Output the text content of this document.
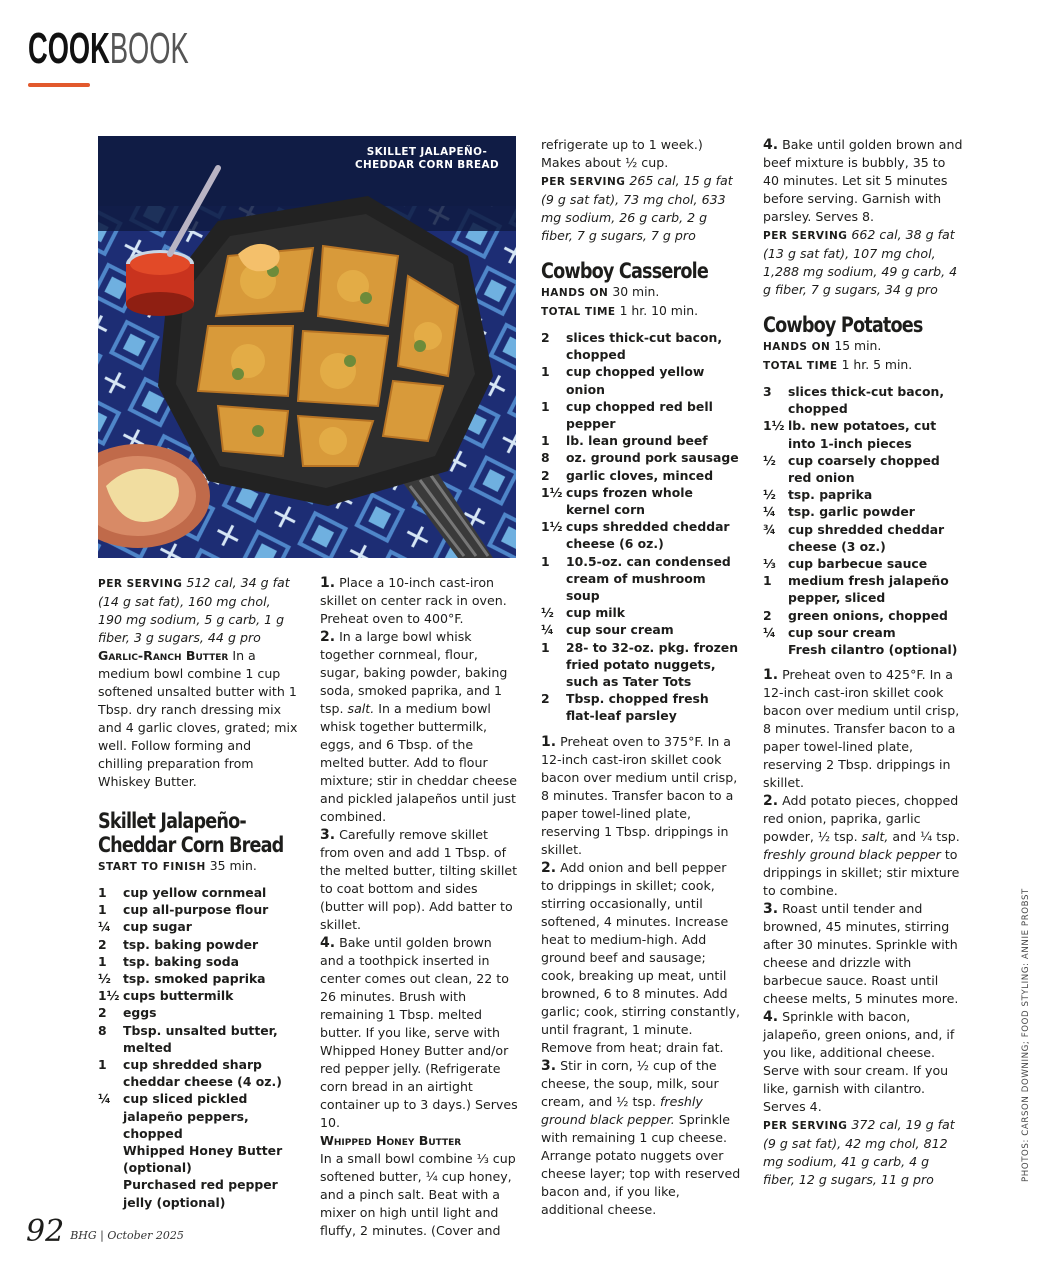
COOKBOOK
SKILLET JALAPEÑO-CHEDDAR CORN BREAD

PER SERVING 512 cal, 34 g fat (14 g sat fat), 160 mg chol, 190 mg sodium, 5 g carb, 1 g fiber, 3 g sugars, 44 g pro

Garlic-Ranch Butter In a medium bowl combine 1 cup softened unsalted butter with 1 Tbsp. dry ranch dressing mix and 4 garlic cloves, grated; mix well. Follow forming and chilling preparation from Whiskey Butter.

Skillet Jalapeño-
Cheddar Corn Bread

START TO FINISH 35 min.

1	cup yellow cornmeal
1	cup all-purpose flour
¼ cup sugar
2	tsp. baking powder
1	tsp. baking soda
½ tsp. smoked paprika
1½ cups buttermilk
2	eggs
8	Tbsp. unsalted butter, melted
1	cup shredded sharp cheddar cheese (4 oz.)
¼ cup sliced pickled jalapeño peppers, chopped
Whipped Honey Butter (optional)
Purchased red pepper jelly (optional)

1. Place a 10-inch cast-iron skillet on center rack in oven. Preheat oven to 400°F.

2. In a large bowl whisk together cornmeal, flour, sugar, baking powder, baking soda, smoked paprika, and 1 tsp. salt. In a medium bowl whisk together buttermilk, eggs, and 6 Tbsp. of the melted butter. Add to flour mixture; stir in cheddar cheese and pickled jalapeños until just combined.

3. Carefully remove skillet from oven and add 1 Tbsp. of the melted butter, tilting skillet to coat bottom and sides (butter will pop). Add batter to skillet.

4. Bake until golden brown and a toothpick inserted in center comes out clean, 22 to 26 minutes. Brush with remaining 1 Tbsp. melted butter. If you like, serve with Whipped Honey Butter and/or red pepper jelly. (Refrigerate corn bread in an airtight container up to 3 days.) Serves 10.

Whipped Honey Butter

In a small bowl combine ⅓ cup softened butter, ¼ cup honey, and a pinch salt. Beat with a mixer on high until light and fluffy, 2 minutes. (Cover and

refrigerate up to 1 week.) Makes about ½ cup.

PER SERVING 265 cal, 15 g fat (9 g sat fat), 73 mg chol, 633 mg sodium, 26 g carb, 2 g fiber, 7 g sugars, 7 g pro

Cowboy Casserole

HANDS ON 30 min.

TOTAL TIME 1 hr. 10 min.

2	slices thick-cut bacon, chopped
1	cup chopped yellow onion
1	cup chopped red bell pepper
1	lb. lean ground beef
8	oz. ground pork sausage
2	garlic cloves, minced
1½ cups frozen whole kernel corn
1½ cups shredded cheddar cheese (6 oz.)
1	10.5-oz. can condensed cream of mushroom soup
½ cup milk
¼ cup sour cream
1	28- to 32-oz. pkg. frozen fried potato nuggets, such as Tater Tots
2	Tbsp. chopped fresh flat-leaf parsley

1. Preheat oven to 375°F. In a 12-inch cast-iron skillet cook bacon over medium until crisp, 8 minutes. Transfer bacon to a paper towel-lined plate, reserving 1 Tbsp. drippings in skillet.

2. Add onion and bell pepper to drippings in skillet; cook, stirring occasionally, until softened, 4 minutes. Increase heat to medium-high. Add ground beef and sausage; cook, breaking up meat, until browned, 6 to 8 minutes. Add garlic; cook, stirring constantly, until fragrant, 1 minute. Remove from heat; drain fat.

3. Stir in corn, ½ cup of the cheese, the soup, milk, sour cream, and ½ tsp. freshly ground black pepper. Sprinkle with remaining 1 cup cheese. Arrange potato nuggets over cheese layer; top with reserved bacon and, if you like, additional cheese.

4. Bake until golden brown and beef mixture is bubbly, 35 to 40 minutes. Let sit 5 minutes before serving. Garnish with parsley. Serves 8.

PER SERVING 662 cal, 38 g fat (13 g sat fat), 107 mg chol, 1,288 mg sodium, 49 g carb, 4 g fiber, 7 g sugars, 34 g pro

Cowboy Potatoes

HANDS ON 15 min.

TOTAL TIME 1 hr. 5 min.

3	slices thick-cut bacon, chopped
1½ lb. new potatoes, cut into 1-inch pieces
½ cup coarsely chopped red onion
½ tsp. paprika
¼ tsp. garlic powder
¾ cup shredded cheddar cheese (3 oz.)
⅓ cup barbecue sauce
1	medium fresh jalapeño pepper, sliced
2	green onions, chopped
¼ cup sour cream
Fresh cilantro (optional)

1. Preheat oven to 425°F. In a 12-inch cast-iron skillet cook bacon over medium until crisp, 8 minutes. Transfer bacon to a paper towel-lined plate, reserving 2 Tbsp. drippings in skillet.

2. Add potato pieces, chopped red onion, paprika, garlic powder, ½ tsp. salt, and ¼ tsp. freshly ground black pepper to drippings in skillet; stir mixture to combine.

3. Roast until tender and browned, 45 minutes, stirring after 30 minutes. Sprinkle with cheese and drizzle with barbecue sauce. Roast until cheese melts, 5 minutes more.

4. Sprinkle with bacon, jalapeño, green onions, and, if you like, additional cheese. Serve with sour cream. If you like, garnish with cilantro. Serves 4.

PER SERVING 372 cal, 19 g fat (9 g sat fat), 42 mg chol, 812 mg sodium, 41 g carb, 4 g fiber, 12 g sugars, 11 g pro	PHOTOS: CARSON DOWNING; FOOD STYLING: ANNIE PROBST
92 BHG | October 2025
